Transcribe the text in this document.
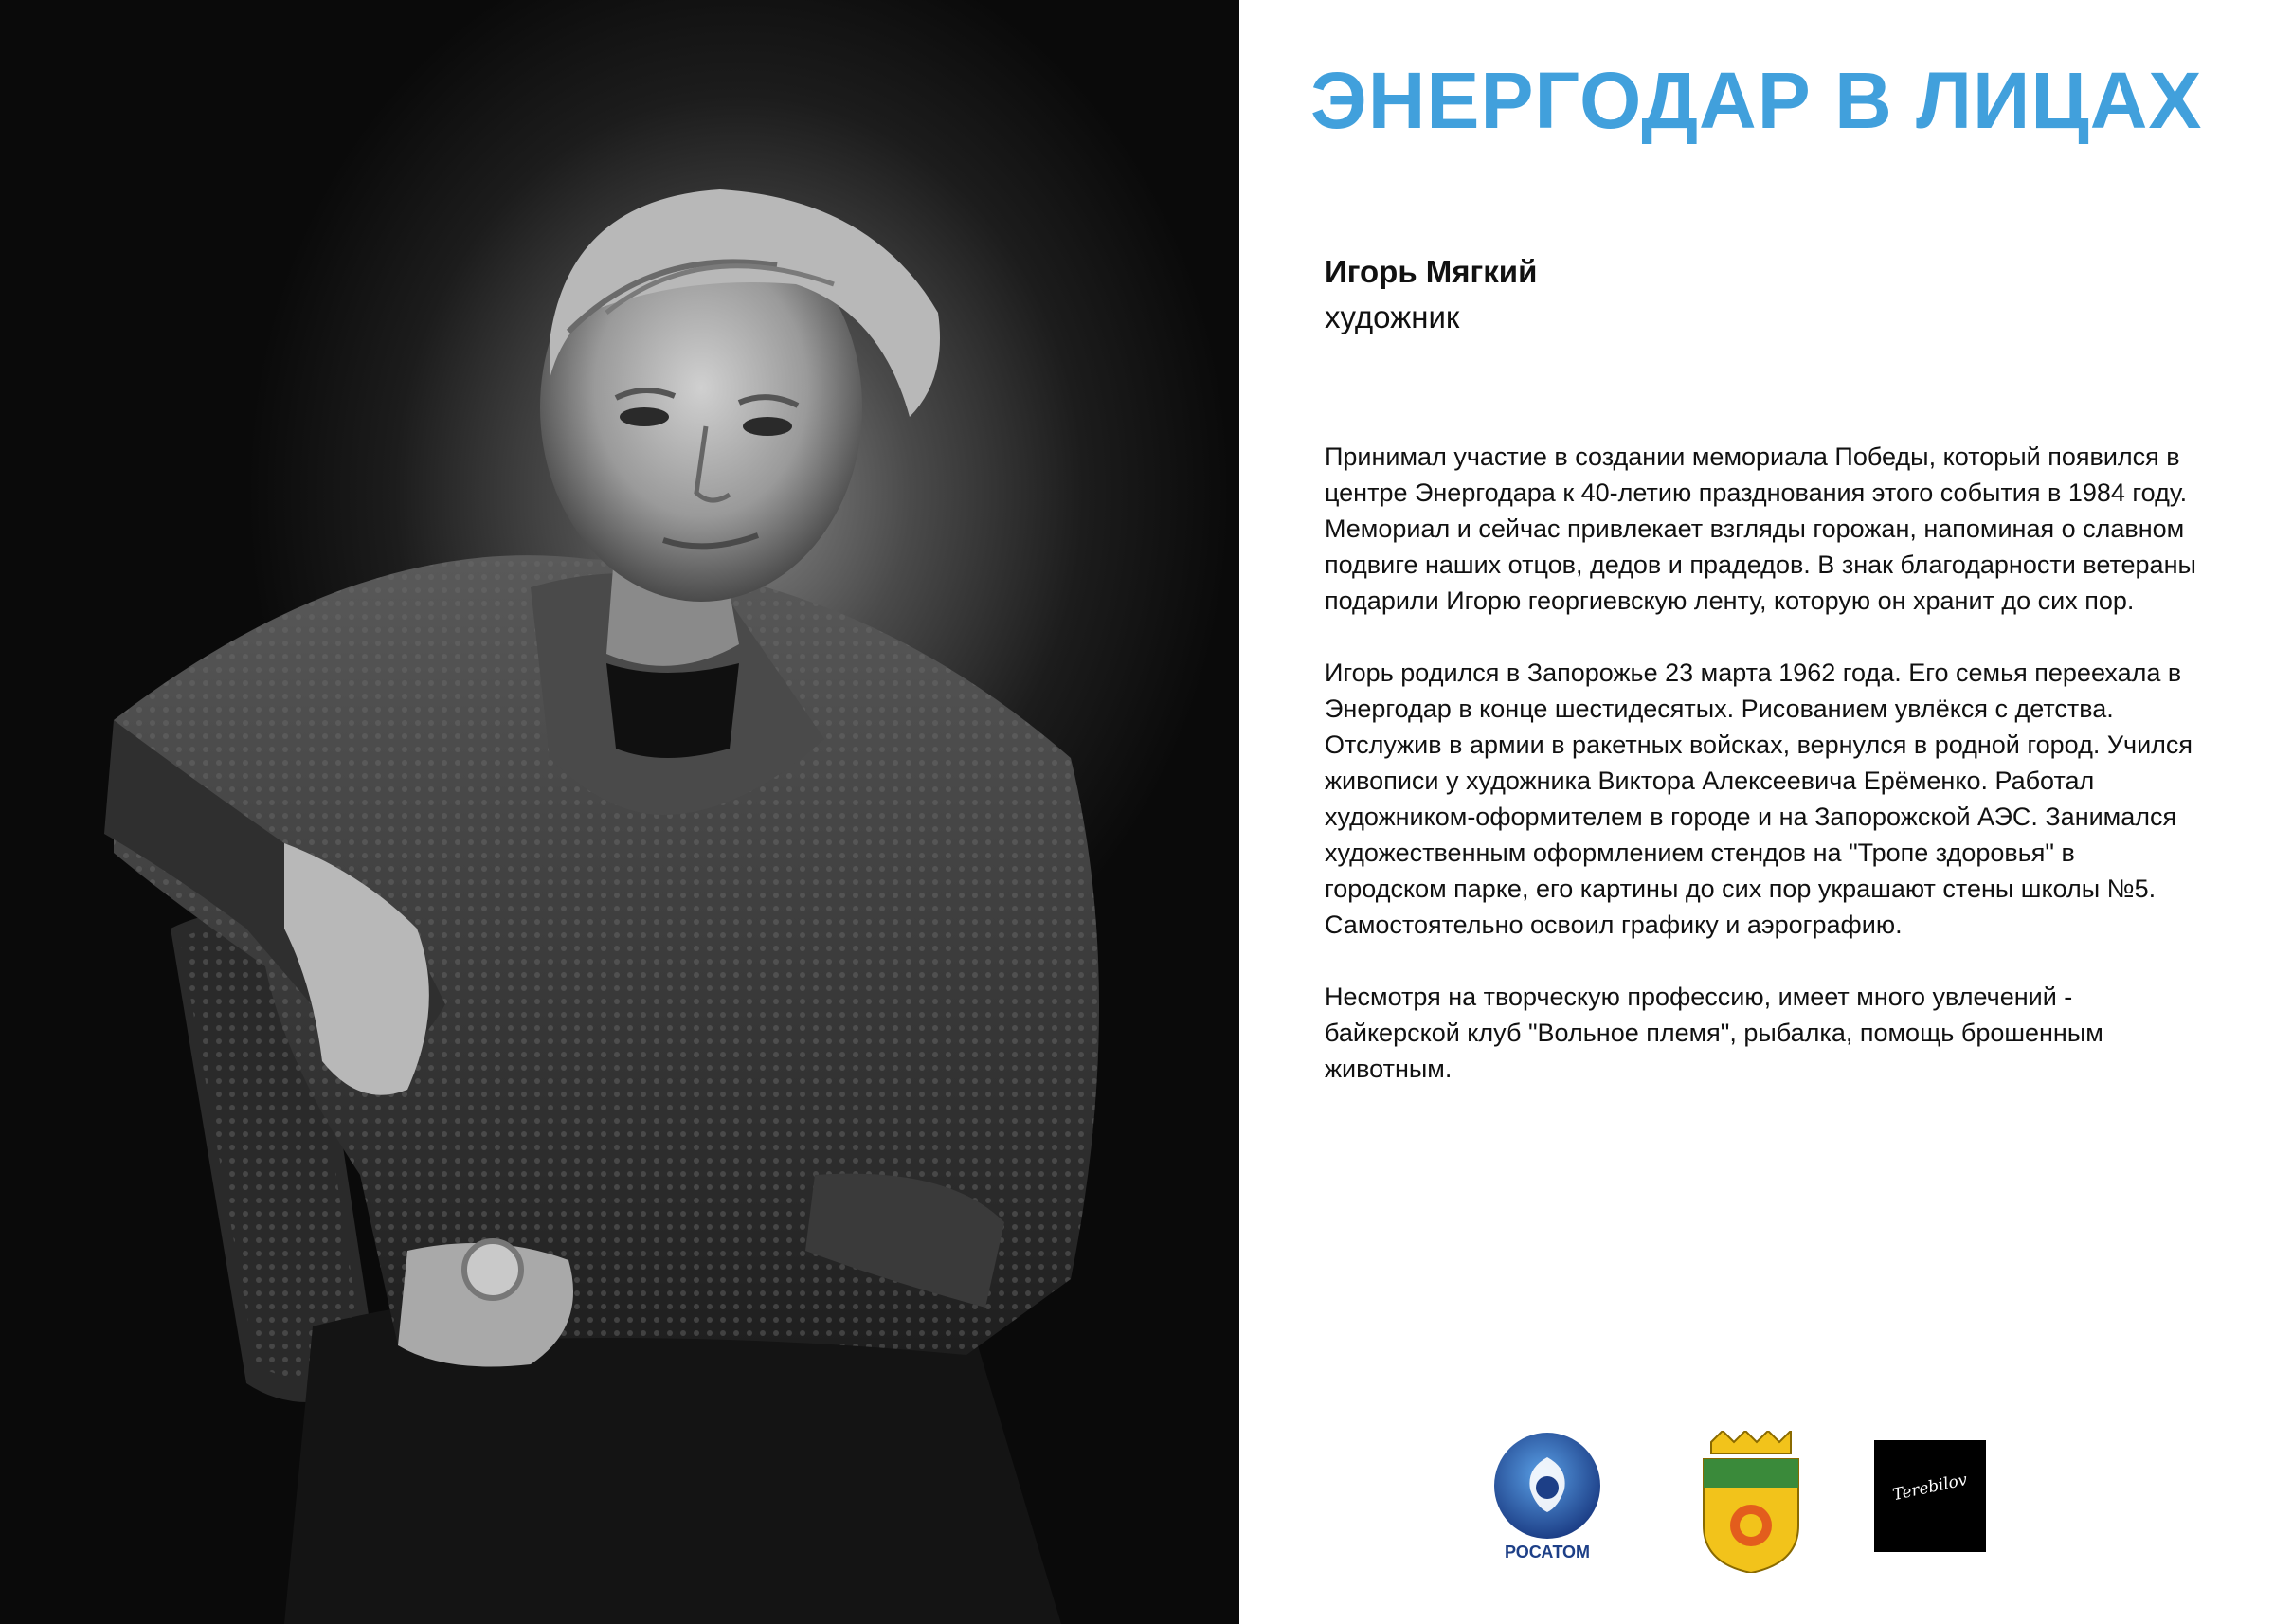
ЭНЕРГОДАР В ЛИЦАХ
Игорь Мягкий

художник

Принимал участие в создании мемориала Победы, который появился в центре Энергодара к 40-летию празднования этого события в 1984 году. Мемориал и сейчас привлекает взгляды горожан, напоминая о славном подвиге наших отцов, дедов и прадедов. В знак благодарности ветераны подарили Игорю георгиевскую ленту, которую он хранит до сих пор.

Игорь родился в Запорожье 23 марта 1962 года. Его семья переехала в Энергодар в конце шестидесятых. Рисованием увлёкся с детства. Отслужив в армии в ракетных войсках, вернулся в родной город. Учился живописи у художника Виктора Алексеевича Ерёменко. Работал художником-оформителем в городе и на Запорожской АЭС. Занимался художественным оформлением стендов на "Тропе здоровья" в городском парке, его картины до сих пор украшают стены школы №5. Самостоятельно освоил графику и аэрографию.

Несмотря на творческую профессию, имеет много увлечений - байкерской клуб "Вольное племя", рыбалка, помощь брошенным животным.

РОСАТОМ
Terebilov
